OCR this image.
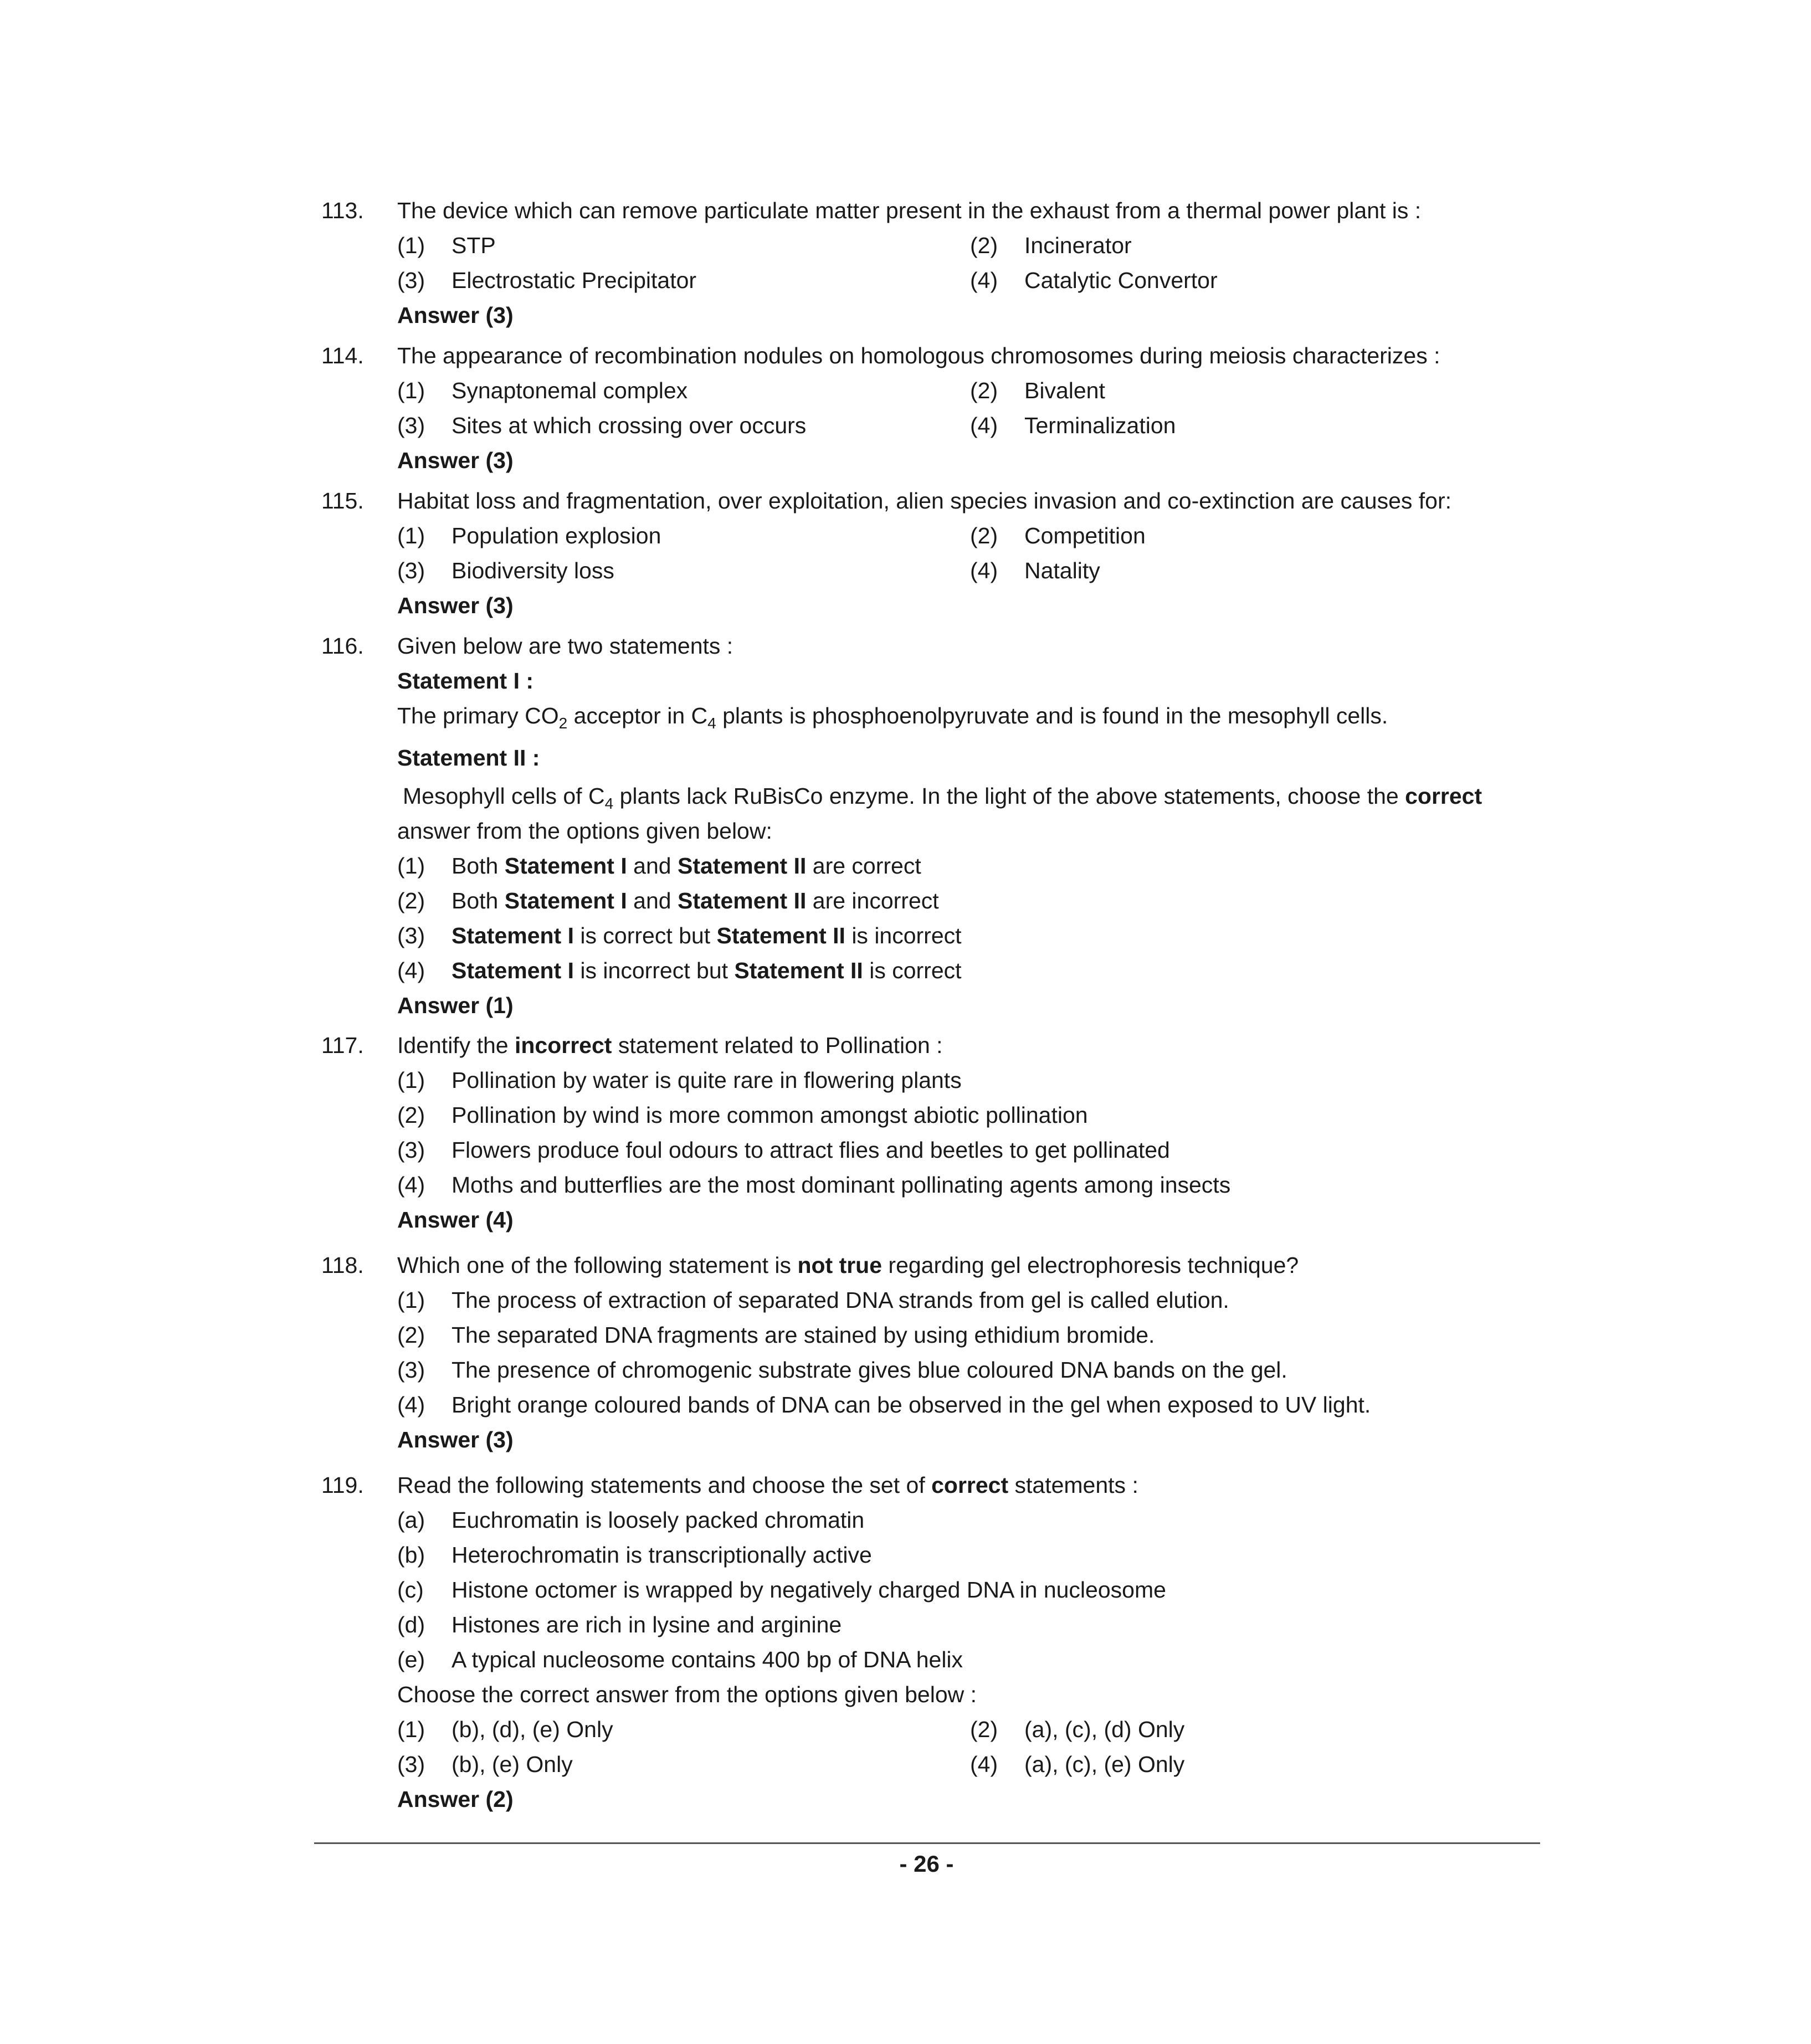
113. The device which can remove particulate matter present in the exhaust from a thermal power plant is :
(1) STP	(2) Incinerator
(3) Electrostatic Precipitator	(4) Catalytic Convertor
Answer (3)
114. The appearance of recombination nodules on homologous chromosomes during meiosis characterizes :
(1) Synaptonemal complex	(2) Bivalent
(3) Sites at which crossing over occurs	(4) Terminalization
Answer (3)
115. Habitat loss and fragmentation, over exploitation, alien species invasion and co-extinction are causes for:
(1) Population explosion	(2) Competition
(3) Biodiversity loss	(4) Natality
Answer (3)
116. Given below are two statements :
Statement I :
The primary $CO_2$ acceptor in $C_4$ plants is phosphoenolpyruvate and is found in the mesophyll cells.
Statement II :
Mesophyll cells of $C_4$ plants lack RuBisCo enzyme. In the light of the above statements, choose the correct
answer from the options given below:
(1) Both Statement I and Statement II are correct
(2) Both Statement I and Statement II are incorrect
(3) Statement I is correct but Statement II is incorrect
(4) Statement I is incorrect but Statement II is correct
Answer (1)
117. Identify the incorrect statement related to Pollination :
(1) Pollination by water is quite rare in flowering plants
(2) Pollination by wind is more common amongst abiotic pollination
(3) Flowers produce foul odours to attract flies and beetles to get pollinated
(4) Moths and butterflies are the most dominant pollinating agents among insects
Answer (4)
118. Which one of the following statement is not true regarding gel electrophoresis technique?
(1) The process of extraction of separated DNA strands from gel is called elution.
(2) The separated DNA fragments are stained by using ethidium bromide.
(3) The presence of chromogenic substrate gives blue coloured DNA bands on the gel.
(4) Bright orange coloured bands of DNA can be observed in the gel when exposed to UV light.
Answer (3)
119. Read the following statements and choose the set of correct statements :
(a) Euchromatin is loosely packed chromatin
(b) Heterochromatin is transcriptionally active
(c) Histone octomer is wrapped by negatively charged DNA in nucleosome
(d) Histones are rich in lysine and arginine
(e) A typical nucleosome contains 400 bp of DNA helix
Choose the correct answer from the options given below :
(1) (b), (d), (e) Only	(2) (a), (c), (d) Only
(3) (b), (e) Only	(4) (a), (c), (e) Only
Answer (2)
- 26 -
